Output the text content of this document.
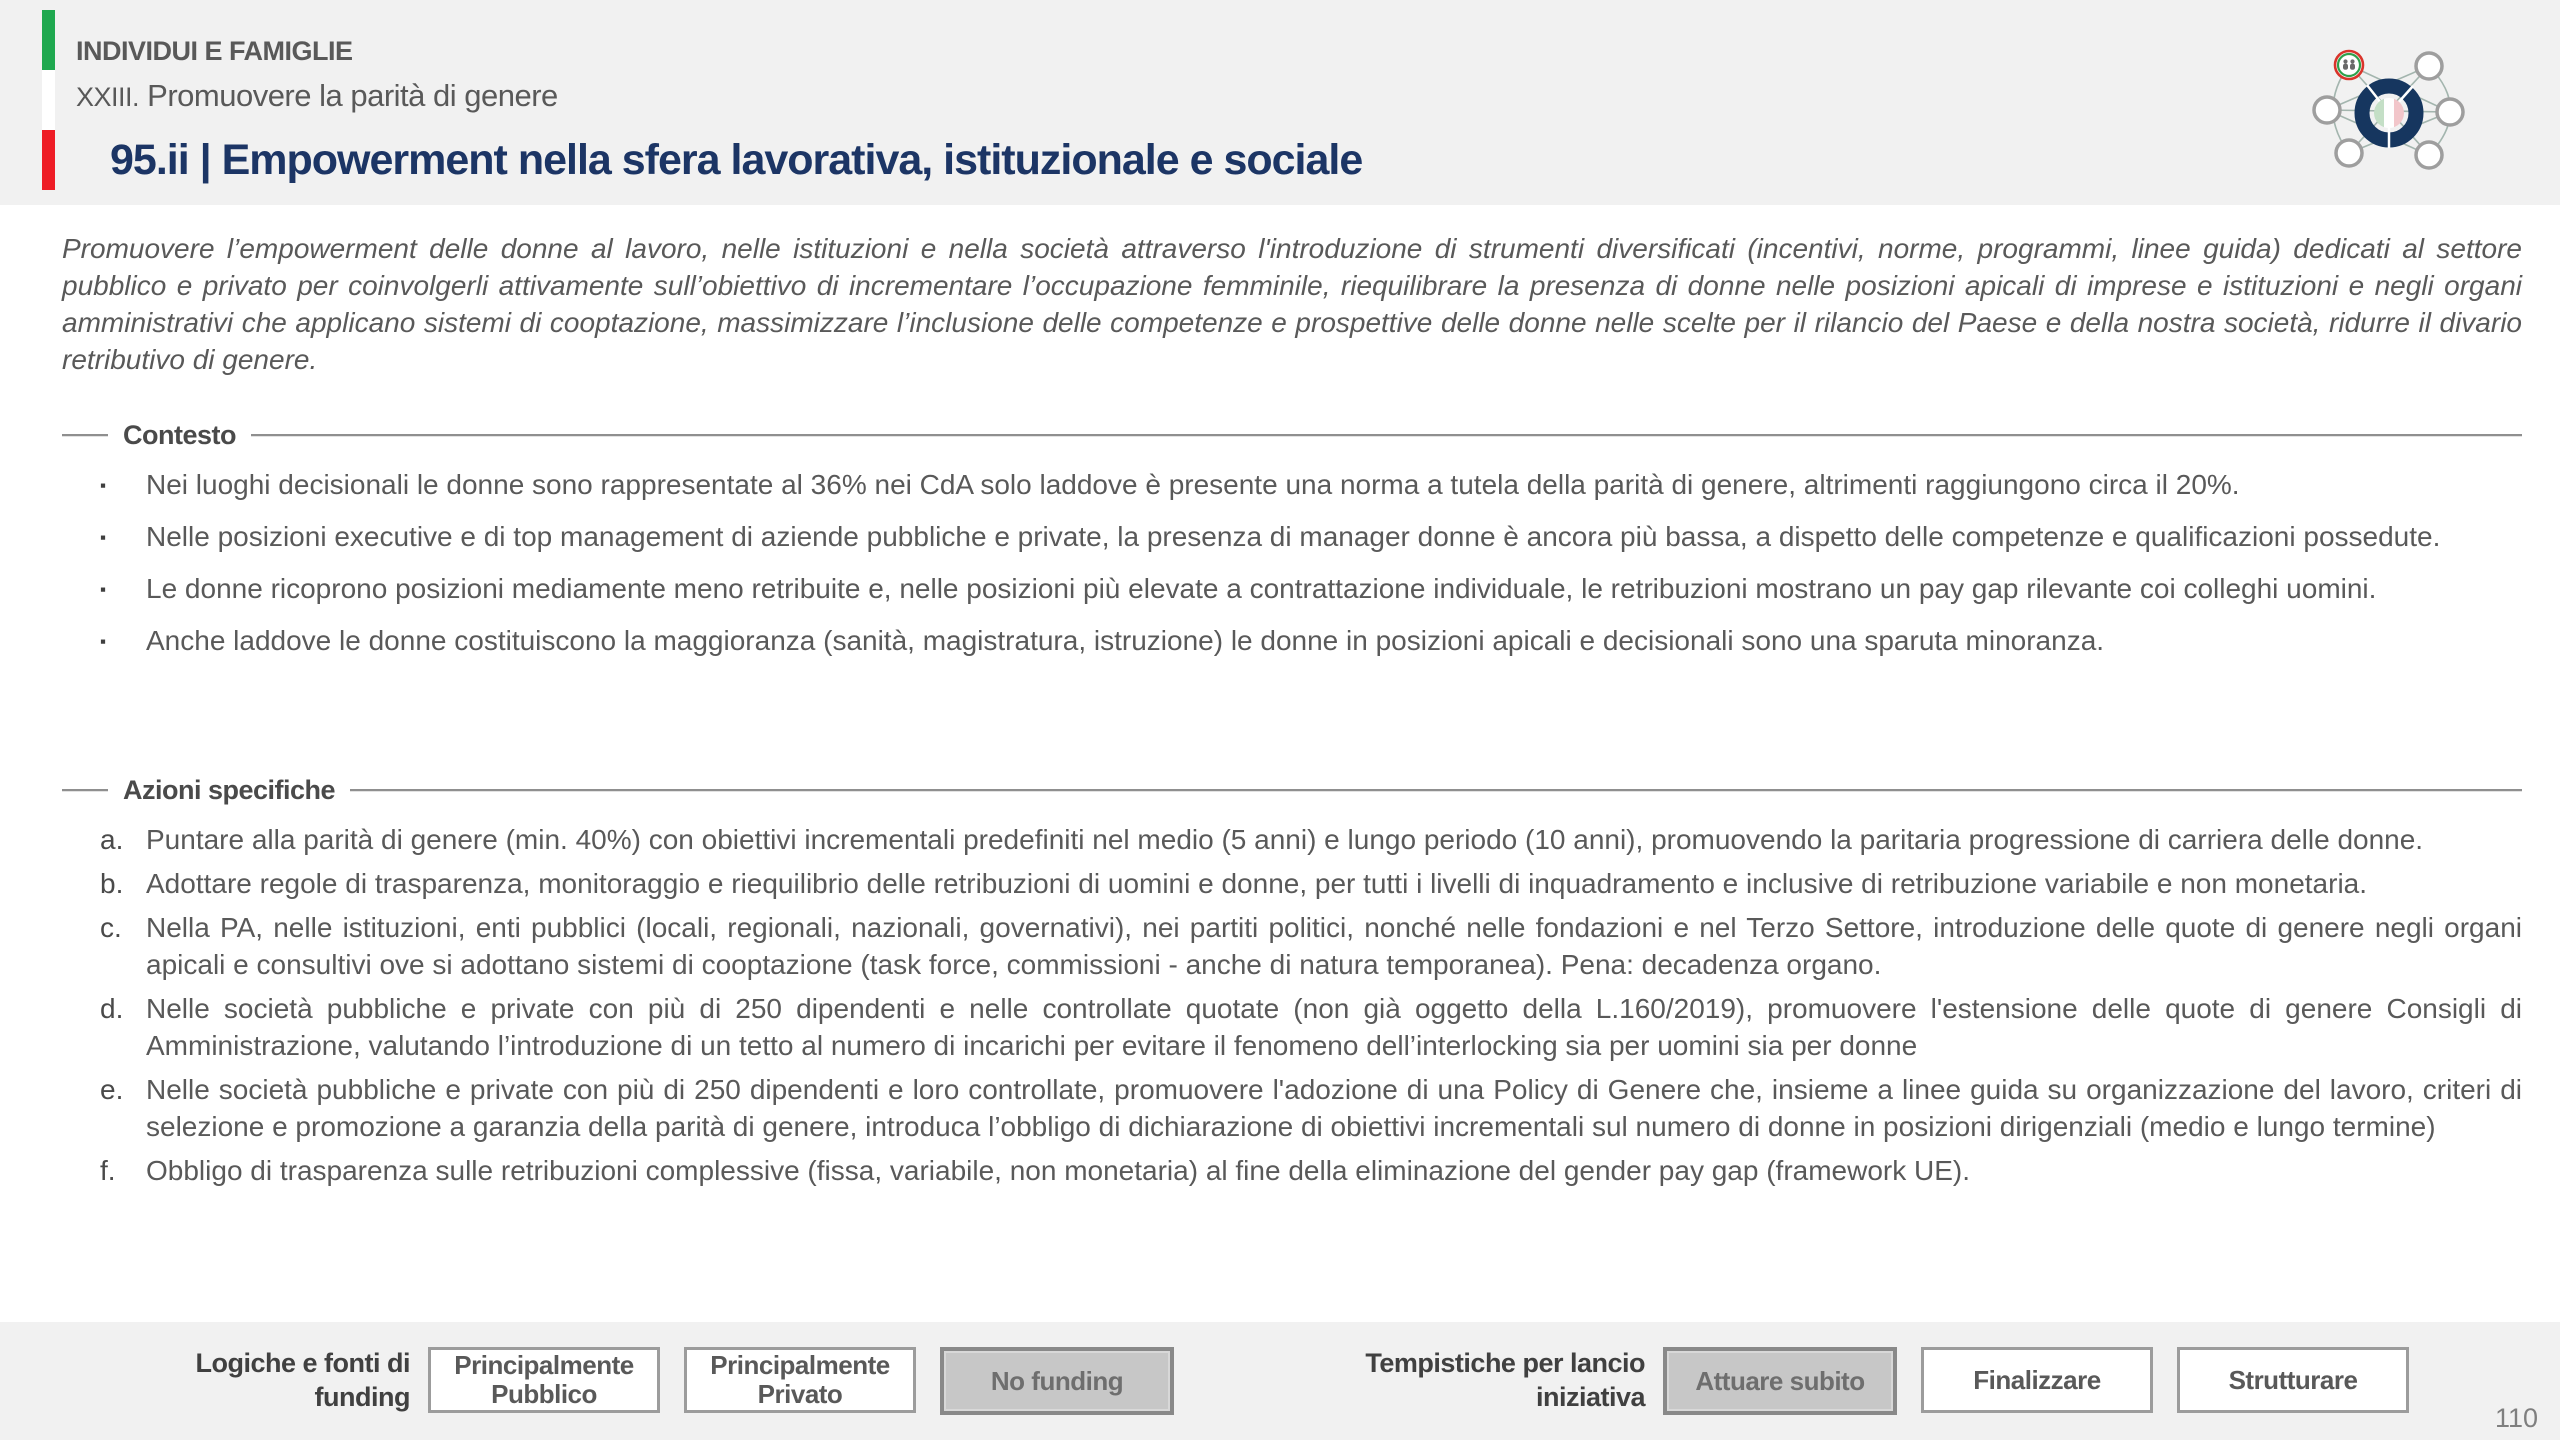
INDIVIDUI E FAMIGLIE
XXIII. Promuovere la parità di genere
95.ii | Empowerment nella sfera lavorativa, istituzionale e sociale
Promuovere l’empowerment delle donne al lavoro, nelle istituzioni e nella società attraverso l'introduzione di strumenti diversificati (incentivi, norme, programmi, linee guida) dedicati al settore pubblico e privato per coinvolgerli attivamente sull’obiettivo di incrementare l’occupazione femminile, riequilibrare la presenza di donne nelle posizioni apicali di imprese e istituzioni e negli organi amministrativi che applicano sistemi di cooptazione, massimizzare l’inclusione delle competenze e prospettive delle donne nelle scelte per il rilancio del Paese e della nostra società, ridurre il divario retributivo di genere.
Contesto
▪	Nei luoghi decisionali le donne sono rappresentate al 36% nei CdA solo laddove è presente una norma a tutela della parità di genere, altrimenti raggiungono circa il 20%.
▪	Nelle posizioni executive e di top management di aziende pubbliche e private, la presenza di manager donne è ancora più bassa, a dispetto delle competenze e qualificazioni possedute.
▪	Le donne ricoprono posizioni mediamente meno retribuite e, nelle posizioni più elevate a contrattazione individuale, le retribuzioni mostrano un pay gap rilevante coi colleghi uomini.
▪	Anche laddove le donne costituiscono la maggioranza (sanità, magistratura, istruzione) le donne in posizioni apicali e decisionali sono una sparuta minoranza.
Azioni specifiche
a. Puntare alla parità di genere (min. 40%) con obiettivi incrementali predefiniti nel medio (5 anni) e lungo periodo (10 anni), promuovendo la paritaria progressione di carriera delle donne.
b. Adottare regole di trasparenza, monitoraggio e riequilibrio delle retribuzioni di uomini e donne, per tutti i livelli di inquadramento e inclusive di retribuzione variabile e non monetaria.
c. Nella PA, nelle istituzioni, enti pubblici (locali, regionali, nazionali, governativi), nei partiti politici, nonché nelle fondazioni e nel Terzo Settore, introduzione delle quote di genere negli organi apicali e consultivi ove si adottano sistemi di cooptazione (task force, commissioni - anche di natura temporanea). Pena: decadenza organo.
d. Nelle società pubbliche e private con più di 250 dipendenti e nelle controllate quotate (non già oggetto della L.160/2019), promuovere l'estensione delle quote di genere Consigli di Amministrazione, valutando l’introduzione di un tetto al numero di incarichi per evitare il fenomeno dell’interlocking sia per uomini sia per donne
e. Nelle società pubbliche e private con più di 250 dipendenti e loro controllate, promuovere l'adozione di una Policy di Genere che, insieme a linee guida su organizzazione del lavoro, criteri di selezione e promozione a garanzia della parità di genere, introduca l’obbligo di dichiarazione di obiettivi incrementali sul numero di donne in posizioni dirigenziali (medio e lungo termine)
f.	Obbligo di trasparenza sulle retribuzioni complessive (fissa, variabile, non monetaria) al fine della eliminazione del gender pay gap (framework UE).
Logiche e fonti di funding
Principalmente Pubblico
Principalmente Privato	No funding
Tempistiche per lancio iniziativa
Attuare subito	Finalizzare	Strutturare
110
